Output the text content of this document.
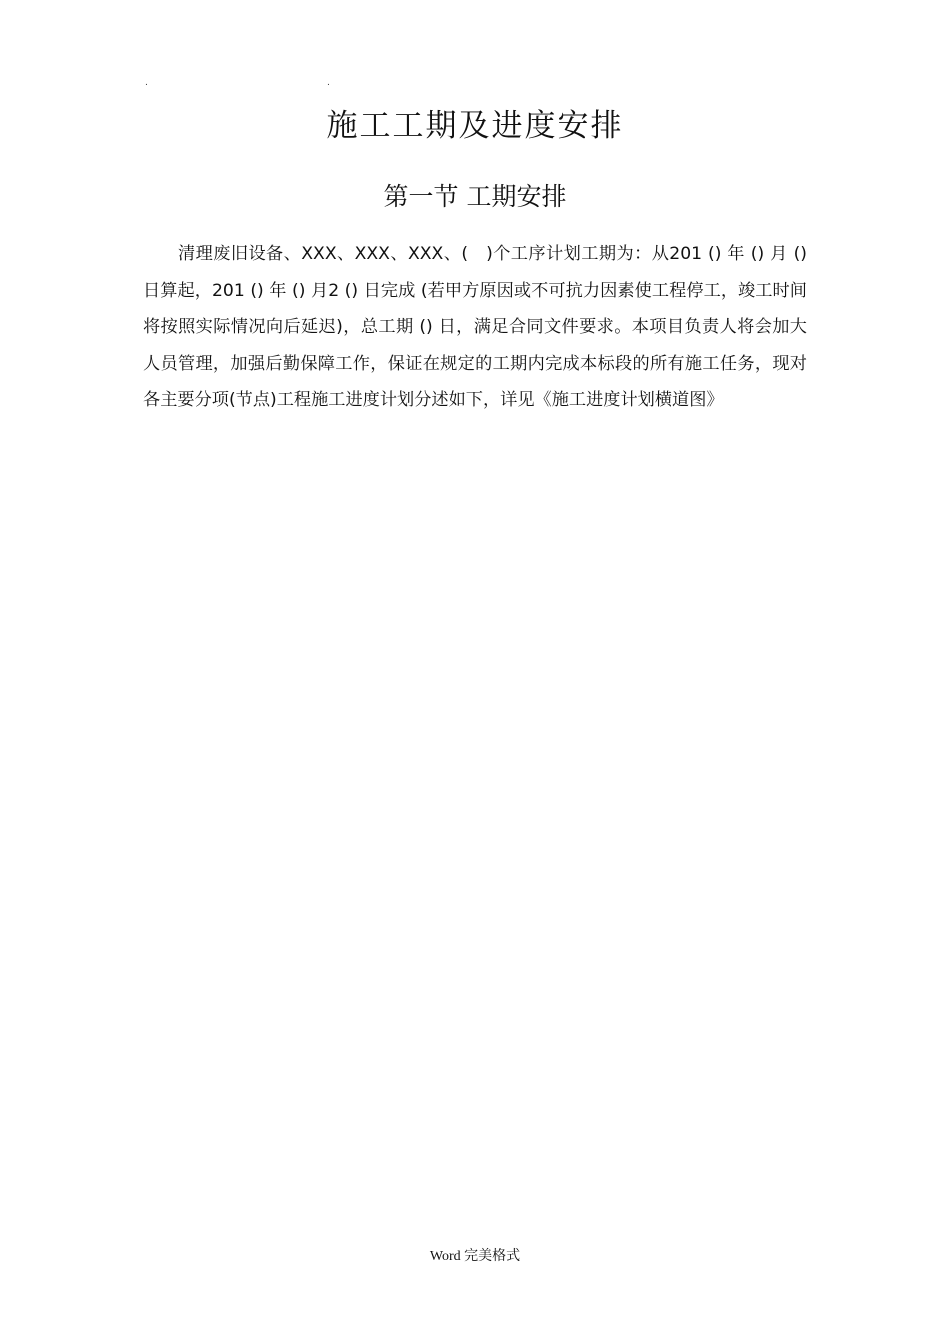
.	.
施工工期及进度安排
第一节 工期安排

清理废旧设备、XXX、XXX、XXX、(　)个工序计划工期为：从201 () 年 () 月 () 日算起，201 () 年 () 月2 () 日完成 (若甲方原因或不可抗力因素使工程停工，竣工时间将按照实际情况向后延迟)，总工期 () 日，满足合同文件要求。本项目负责人将会加大人员管理，加强后勤保障工作，保证在规定的工期内完成本标段的所有施工任务，现对各主要分项(节点)工程施工进度计划分述如下，详见《施工进度计划横道图》

Word 完美格式
